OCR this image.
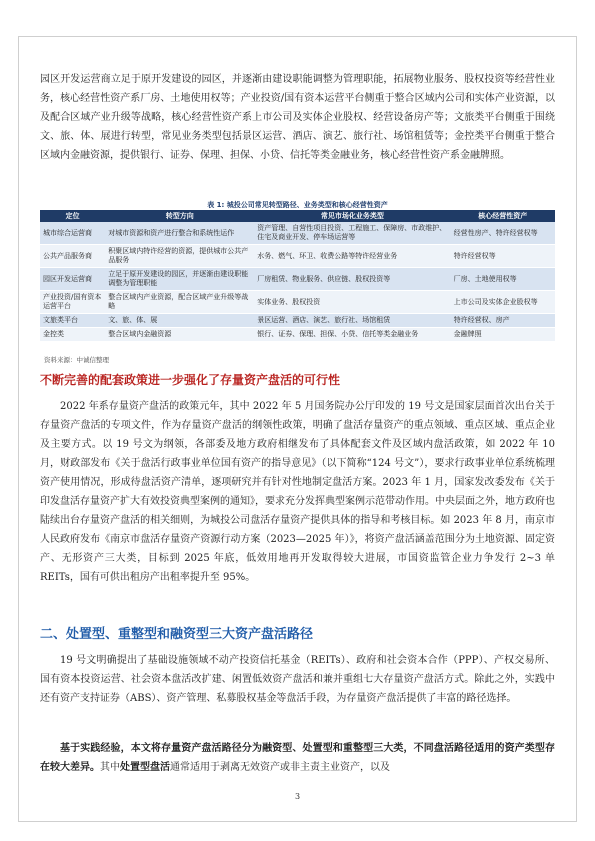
园区开发运营商立足于原开发建设的园区，并逐渐由建设职能调整为管理职能，拓展物业服务、股权投资等经营性业务，核心经营性资产系厂房、土地使用权等；产业投资/国有资本运营平台侧重于整合区域内公司和实体产业资源，以及配合区域产业升级等战略，核心经营性资产系上市公司及实体企业股权、经营设备房产等；文旅类平台侧重于围绕文、旅、体、展进行转型，常见业务类型包括景区运营、酒店、演艺、旅行社、场馆租赁等；金控类平台侧重于整合区域内金融资源，提供银行、证券、保理、担保、小贷、信托等类金融业务，核心经营性资产系金融牌照。

表 1: 城投公司常见转型路径、业务类型和核心经营性资产
定位	转型方向	常见市场化业务类型	核心经营性资产
城市综合运营商	对城市资源和资产进行整合和系统性运作	资产管理、自营性项目投资、工程施工、保障房、市政维护、住宅及商业开发、停车场运营等	经营性房产、特许经营权等
公共产品服务商	积聚区域内特许经营的资源，提供城市公共产品服务	水务、燃气、环卫、收费公路等特许经营业务	特许经营权等
园区开发运营商	立足于原开发建设的园区，并逐渐由建设职能调整为管理职能	厂房租赁、物业服务、供应链、股权投资等	厂房、土地使用权等
产业投资/国有资本运营平台	整合区域内产业资源，配合区域产业升级等战略	实体业务、股权投资	上市公司及实体企业股权等
文旅类平台	文、旅、体、展	景区运营、酒店、演艺、旅行社、场馆租赁	特许经营权、房产
金控类	整合区域内金融资源	银行、证券、保理、担保、小贷、信托等类金融业务	金融牌照
资料来源：中诚信整理
不断完善的配套政策进一步强化了存量资产盘活的可行性

2022 年系存量资产盘活的政策元年，其中 2022 年 5 月国务院办公厅印发的 19 号文是国家层面首次出台关于存量资产盘活的专项文件，作为存量资产盘活的纲领性政策，明确了盘活存量资产的重点领域、重点区域、重点企业及主要方式。以 19 号文为纲领，各部委及地方政府相继发布了具体配套文件及区域内盘活政策，如 2022 年 10 月，财政部发布《关于盘活行政事业单位国有资产的指导意见》（以下简称“124 号文”），要求行政事业单位系统梳理资产使用情况，形成待盘活资产清单，逐项研究并有针对性地制定盘活方案。2023 年 1 月，国家发改委发布《关于印发盘活存量资产扩大有效投资典型案例的通知》，要求充分发挥典型案例示范带动作用。中央层面之外，地方政府也陆续出台存量资产盘活的相关细则，为城投公司盘活存量资产提供具体的指导和考核目标。如 2023 年 8 月，南京市人民政府发布《南京市盘活存量资产资源行动方案（2023—2025 年）》，将资产盘活涵盖范围分为土地资源、固定资产、无形资产三大类，目标到 2025 年底，低效用地再开发取得较大进展，市国资监管企业力争发行 2~3 单 REITs，国有可供出租房产出租率提升至 95%。

二、处置型、重整型和融资型三大资产盘活路径

19 号文明确提出了基础设施领域不动产投资信托基金（REITs）、政府和社会资本合作（PPP）、产权交易所、国有资本投资运营、社会资本盘活改扩建、闲置低效资产盘活和兼并重组七大存量资产盘活方式。除此之外，实践中还有资产支持证券（ABS）、资产管理、私募股权基金等盘活手段，为存量资产盘活提供了丰富的路径选择。

基于实践经验，本文将存量资产盘活路径分为融资型、处置型和重整型三大类，不同盘活路径适用的资产类型存在较大差异。其中处置型盘活通常适用于剥离无效资产或非主责主业资产，以及

3
